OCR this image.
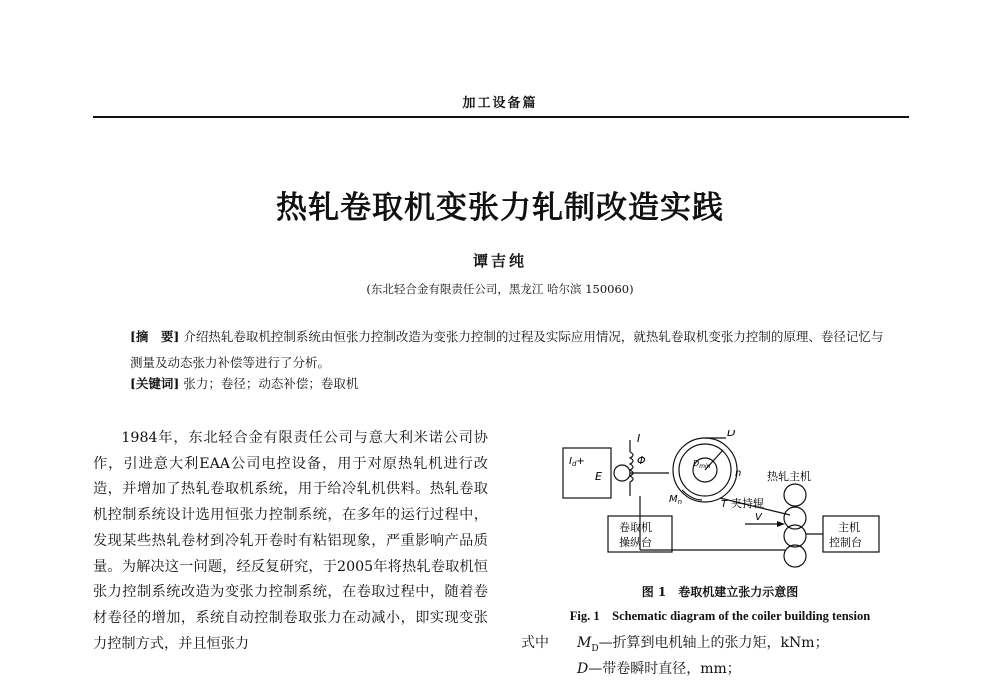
加工设备篇
热轧卷取机变张力轧制改造实践
谭吉纯
(东北轻合金有限责任公司，黑龙江 哈尔滨 150060)
[摘　要] 介绍热轧卷取机控制系统由恒张力控制改造为变张力控制的过程及实际应用情况，就热轧卷取机变张力控制的原理、卷径记忆与测量及动态张力补偿等进行了分析。
[关键词] 张力；卷径；动态补偿；卷取机

1984年，东北轻合金有限责任公司与意大利米诺公司协作，引进意大利EAA公司电控设备，用于对原热轧机进行改造，并增加了热轧卷取机系统，用于给冷轧机供料。热轧卷取机控制系统设计选用恒张力控制系统，在多年的运行过程中，发现某些热轧卷材到冷轧开卷时有粘铝现象，严重影响产品质量。为解决这一问题，经反复研究，于2005年将热轧卷取机恒张力控制系统改造为变张力控制系统，在卷取过程中，随着卷材卷径的增加，系统自动控制卷取张力在动减小，即实现变张力控制方式，并且恒张力

I
$I_d+$	Φ
E
D
$D_{min}$
n
$M_n$	T 夹持辊
V
热轧主机
卷取机
操纵台
主机
控制台
图 1　卷取机建立张力示意图
Fig. 1　Schematic diagram of the coiler building tension
式中 $M_D—$折算到电机轴上的张力矩，kNm；
D—带卷瞬时直径，mm；
